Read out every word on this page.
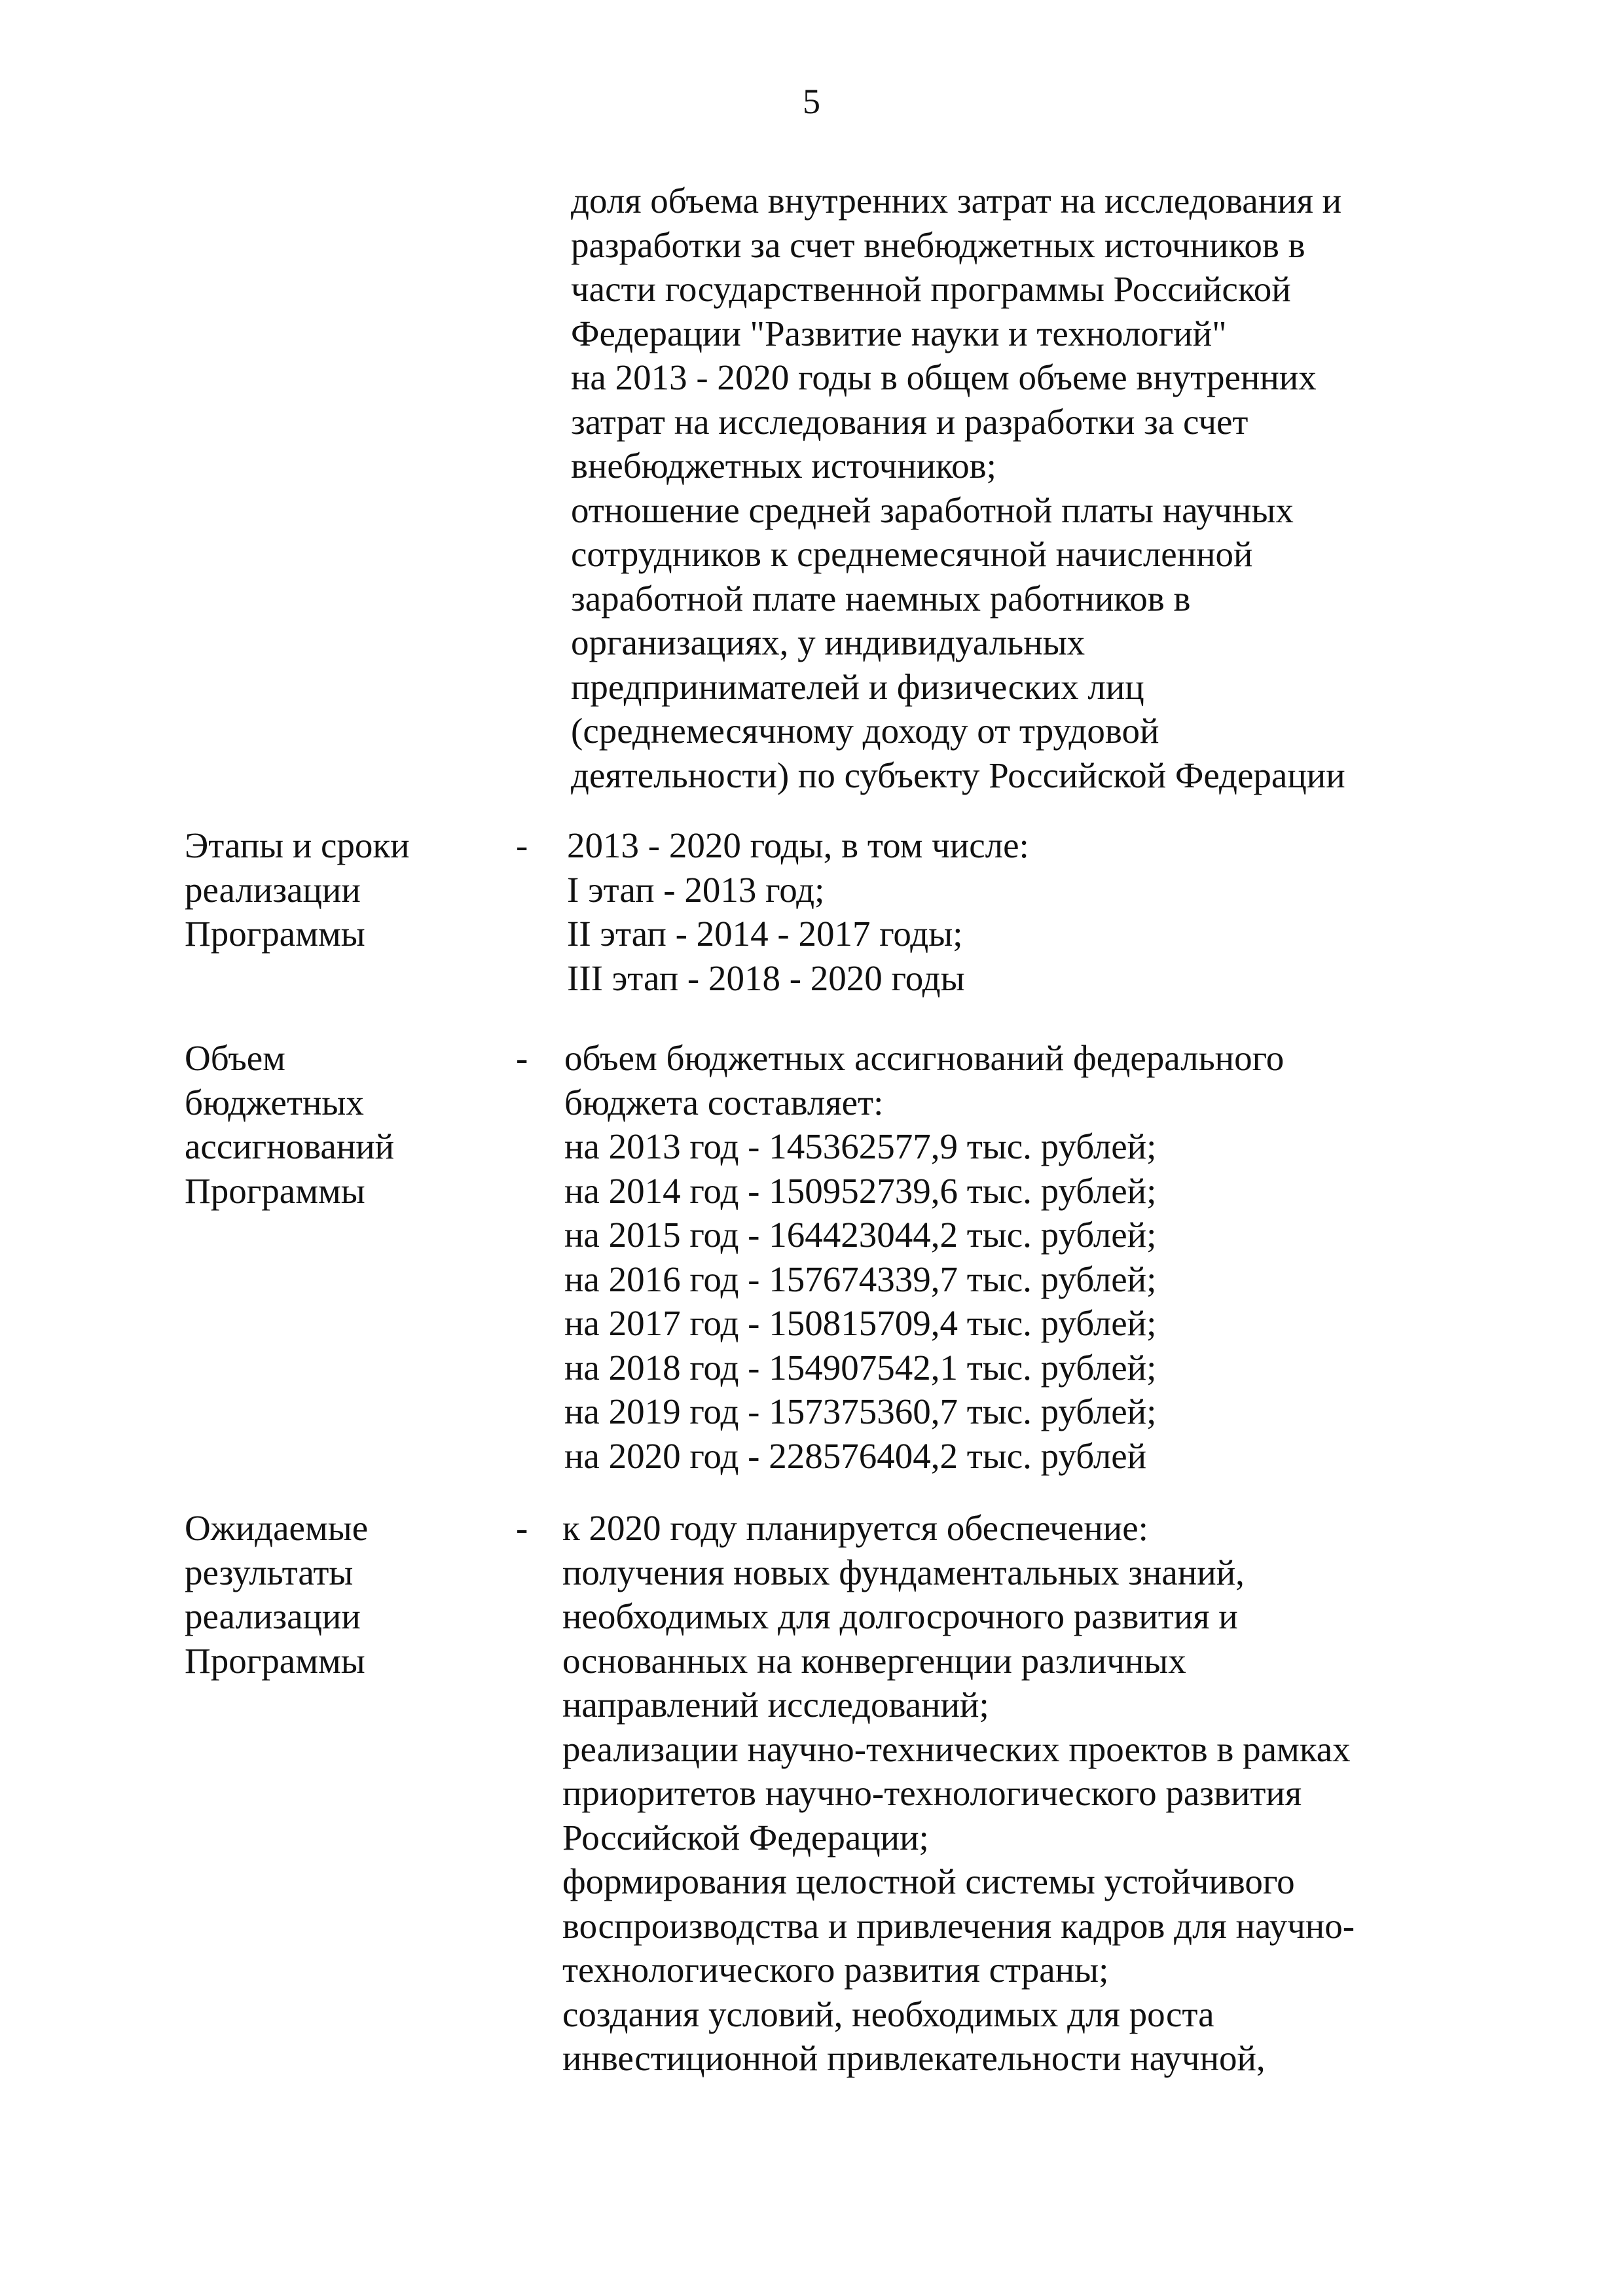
5
доля объема внутренних затрат на исследования и
разработки за счет внебюджетных источников в
части государственной программы Российской
Федерации "Развитие науки и технологий"
на 2013 - 2020 годы в общем объеме внутренних
затрат на исследования и разработки за счет
внебюджетных источников;
отношение средней заработной платы научных
сотрудников к среднемесячной начисленной
заработной плате наемных работников в
организациях, у индивидуальных
предпринимателей и физических лиц
(среднемесячному доходу от трудовой
деятельности) по субъекту Российской Федерации
Этапы и сроки
реализации
Программы
- 2013 - 2020 годы, в том числе:
I этап - 2013 год;
II этап - 2014 - 2017 годы;
III этап - 2018 - 2020 годы
Объем
бюджетных
ассигнований
Программы
- объем бюджетных ассигнований федерального
бюджета составляет:
на 2013 год - 145362577,9 тыс. рублей;
на 2014 год - 150952739,6 тыс. рублей;
на 2015 год - 164423044,2 тыс. рублей;
на 2016 год - 157674339,7 тыс. рублей;
на 2017 год - 150815709,4 тыс. рублей;
на 2018 год - 154907542,1 тыс. рублей;
на 2019 год - 157375360,7 тыс. рублей;
на 2020 год - 228576404,2 тыс. рублей
Ожидаемые
результаты
реализации
Программы
- к 2020 году планируется обеспечение:
получения новых фундаментальных знаний,
необходимых для долгосрочного развития и
основанных на конвергенции различных
направлений исследований;
реализации научно-технических проектов в рамках
приоритетов научно-технологического развития
Российской Федерации;
формирования целостной системы устойчивого
воспроизводства и привлечения кадров для научно-
технологического развития страны;
создания условий, необходимых для роста
инвестиционной привлекательности научной,
